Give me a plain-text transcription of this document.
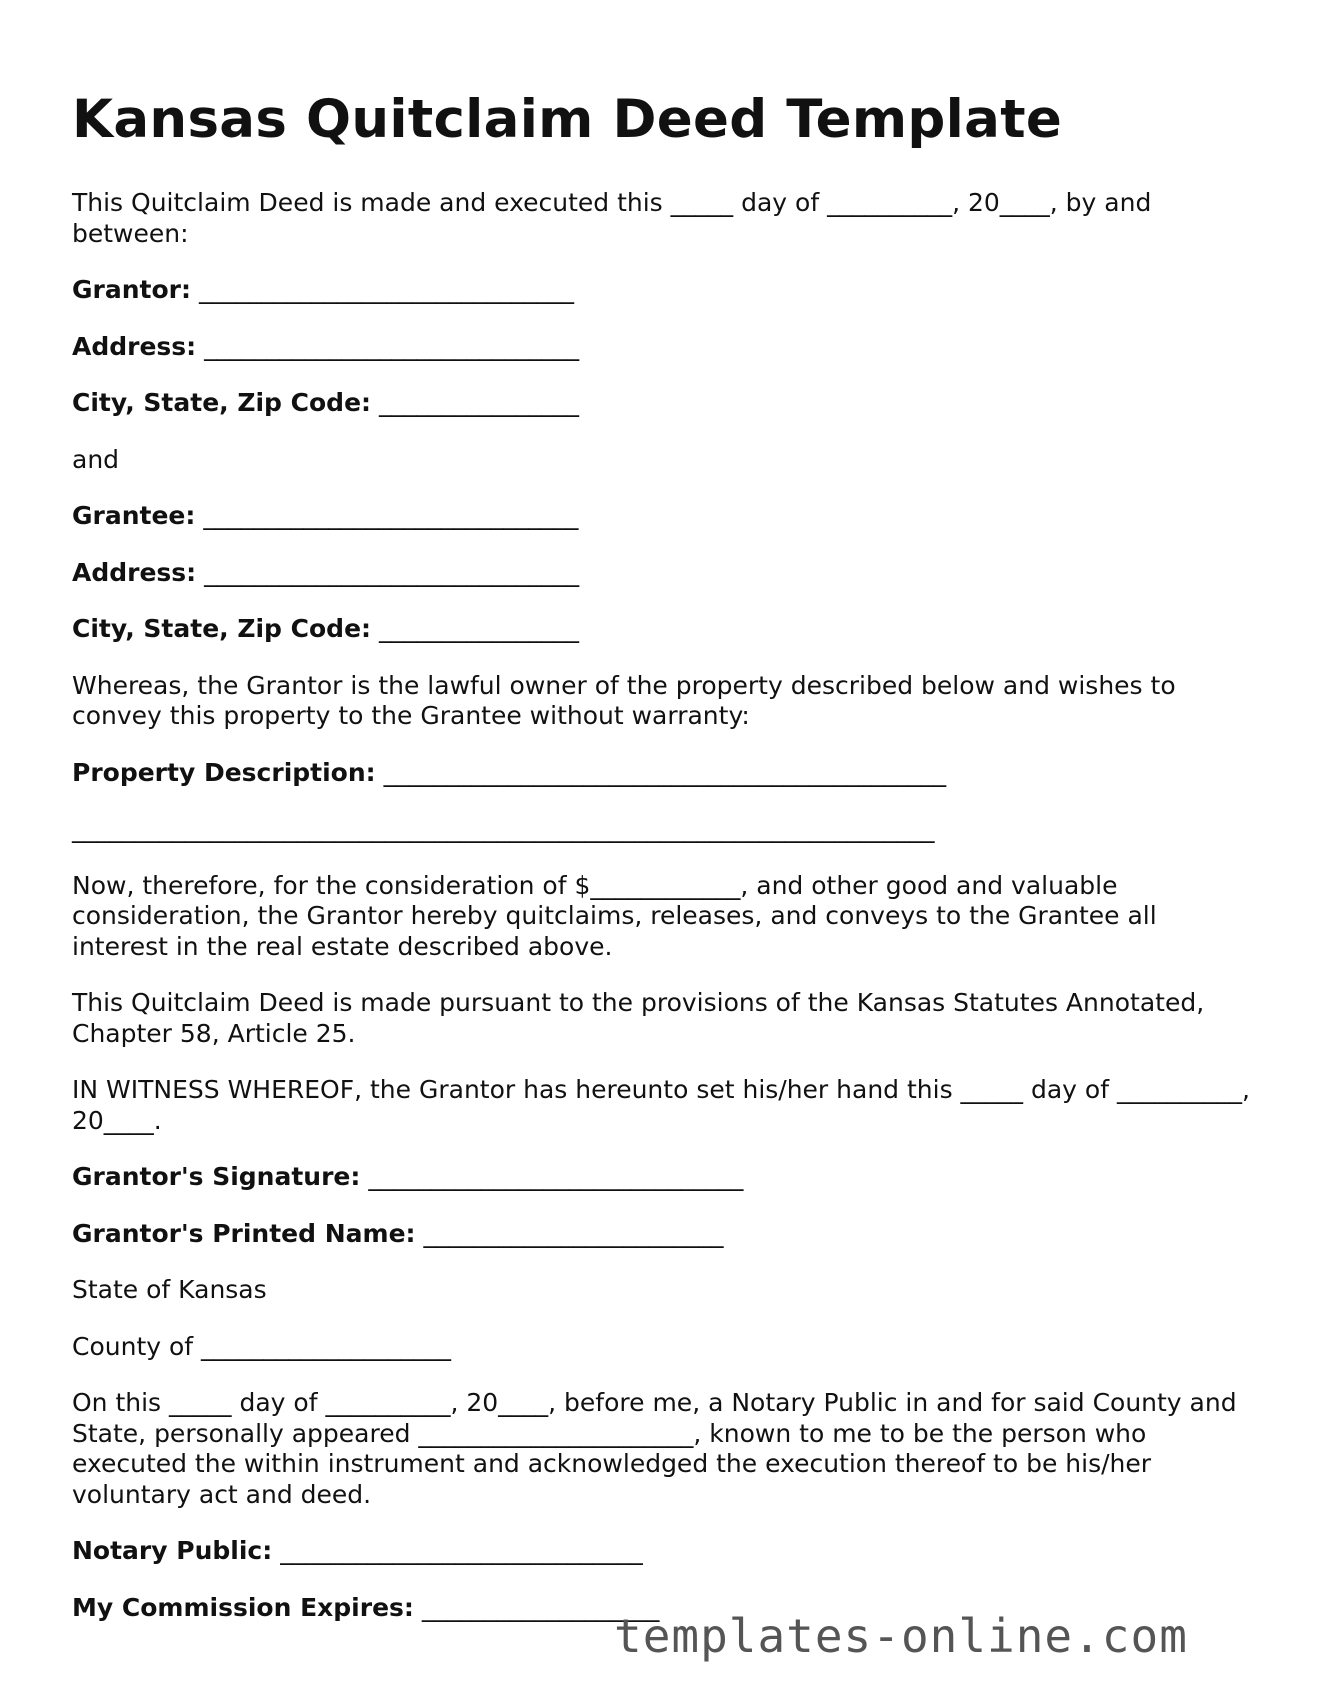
Kansas Quitclaim Deed Template

This Quitclaim Deed is made and executed this _____ day of __________, 20____, by and between:

Grantor: ______________________________

Address: ______________________________

City, State, Zip Code: ________________

and

Grantee: ______________________________

Address: ______________________________

City, State, Zip Code: ________________

Whereas, the Grantor is the lawful owner of the property described below and wishes to convey this property to the Grantee without warranty:

Property Description: _____________________________________________

_____________________________________________________________________

Now, therefore, for the consideration of $____________, and other good and valuable consideration, the Grantor hereby quitclaims, releases, and conveys to the Grantee all interest in the real estate described above.

This Quitclaim Deed is made pursuant to the provisions of the Kansas Statutes Annotated, Chapter 58, Article 25.

IN WITNESS WHEREOF, the Grantor has hereunto set his/her hand this _____ day of __________, 20____.

Grantor's Signature: ______________________________

Grantor's Printed Name: ________________________

State of Kansas

County of ____________________

On this _____ day of __________, 20____, before me, a Notary Public in and for said County and State, personally appeared ______________________, known to me to be the person who executed the within instrument and acknowledged the execution thereof to be his/her voluntary act and deed.

Notary Public: _____________________________

My Commission Expires: ___________________

templates-online.com
